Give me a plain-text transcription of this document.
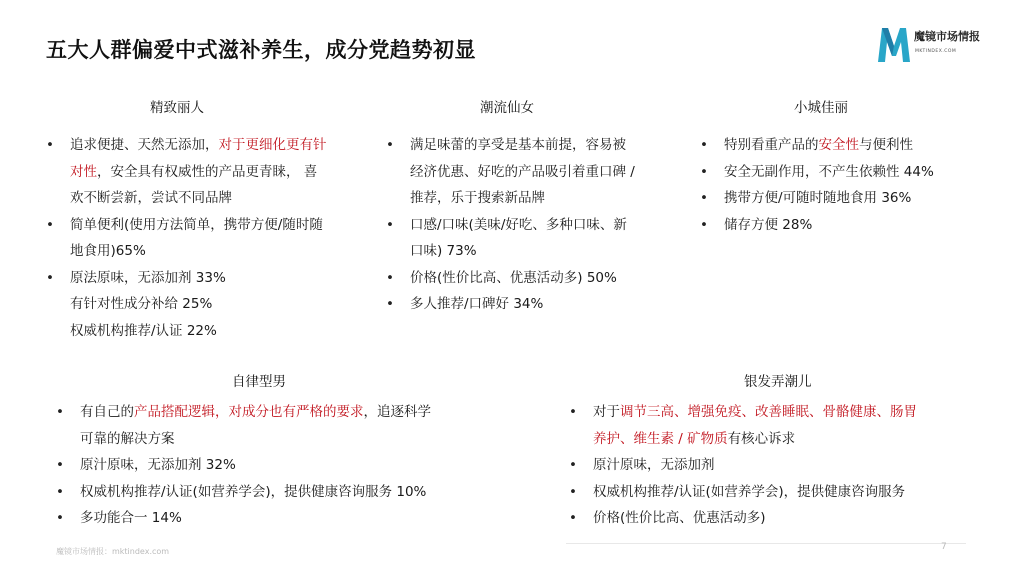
五大人群偏爱中式滋补养生，成分党趋势初显
魔镜市场情报
MKTINDEX.COM
精致丽人
• 追求便捷、天然无添加，对于更细化更有针
对性，安全具有权威性的产品更青睐， 喜
欢不断尝新，尝试不同品牌
• 简单便利(使用方法简单，携带方便/随时随
地食用)65%
• 原法原味，无添加剂 33%
有针对性成分补给 25%
权威机构推荐/认证 22%
潮流仙女
• 满足味蕾的享受是基本前提，容易被
经济优惠、好吃的产品吸引着重口碑 /
推荐，乐于搜索新品牌
• 口感/口味(美味/好吃、多种口味、新
口味) 73%
• 价格(性价比高、优惠活动多) 50%
• 多人推荐/口碑好 34%
小城佳丽
• 特别看重产品的安全性与便利性
• 安全无副作用，不产生依赖性 44%
• 携带方便/可随时随地食用 36%
• 储存方便 28%
自律型男
• 有自己的产品搭配逻辑，对成分也有严格的要求，追逐科学
可靠的解决方案
• 原汁原味，无添加剂 32%
• 权威机构推荐/认证(如营养学会)，提供健康咨询服务 10%
• 多功能合一 14%
银发弄潮儿
• 对于调节三高、增强免疫、改善睡眠、骨骼健康、肠胃
养护、维生素 / 矿物质有核心诉求
• 原汁原味，无添加剂
• 权威机构推荐/认证(如营养学会)，提供健康咨询服务
• 价格(性价比高、优惠活动多)
魔镜市场情报：mktindex.com	7
